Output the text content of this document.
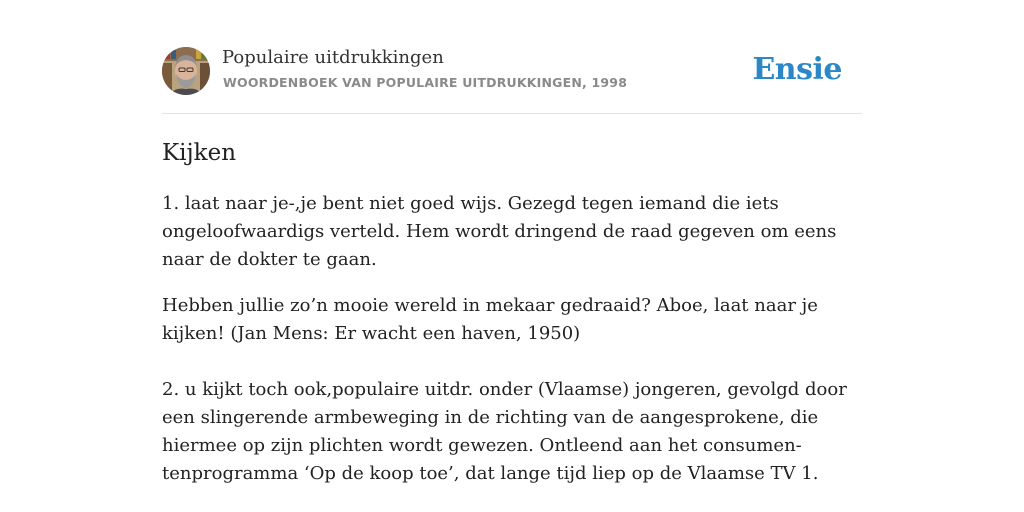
Populaire uitdrukkingen
WOORDENBOEK VAN POPULAIRE UITDRUKKINGEN, 1998	Ensie
Kijken

1. laat naar je-,je bent niet goed wijs. Gezegd tegen iemand die iets ongeloofwaardigs verteld. Hem wordt dringend de raad gegeven om eens naar de dokter te gaan.

Hebben jullie zo’n mooie wereld in mekaar gedraaid? Aboe, laat naar je kijken! (Jan Mens: Er wacht een haven, 1950)

2. u kijkt toch ook,populaire uitdr. onder (Vlaamse) jongeren, gevolgd door een slingerende armbeweging in de richting van de aangesprokene, die hiermee op zijn plichten wordt gewezen. Ontleend aan het consumen-tenprogramma ‘Op de koop toe’, dat lange tijd liep op de Vlaamse TV 1.
